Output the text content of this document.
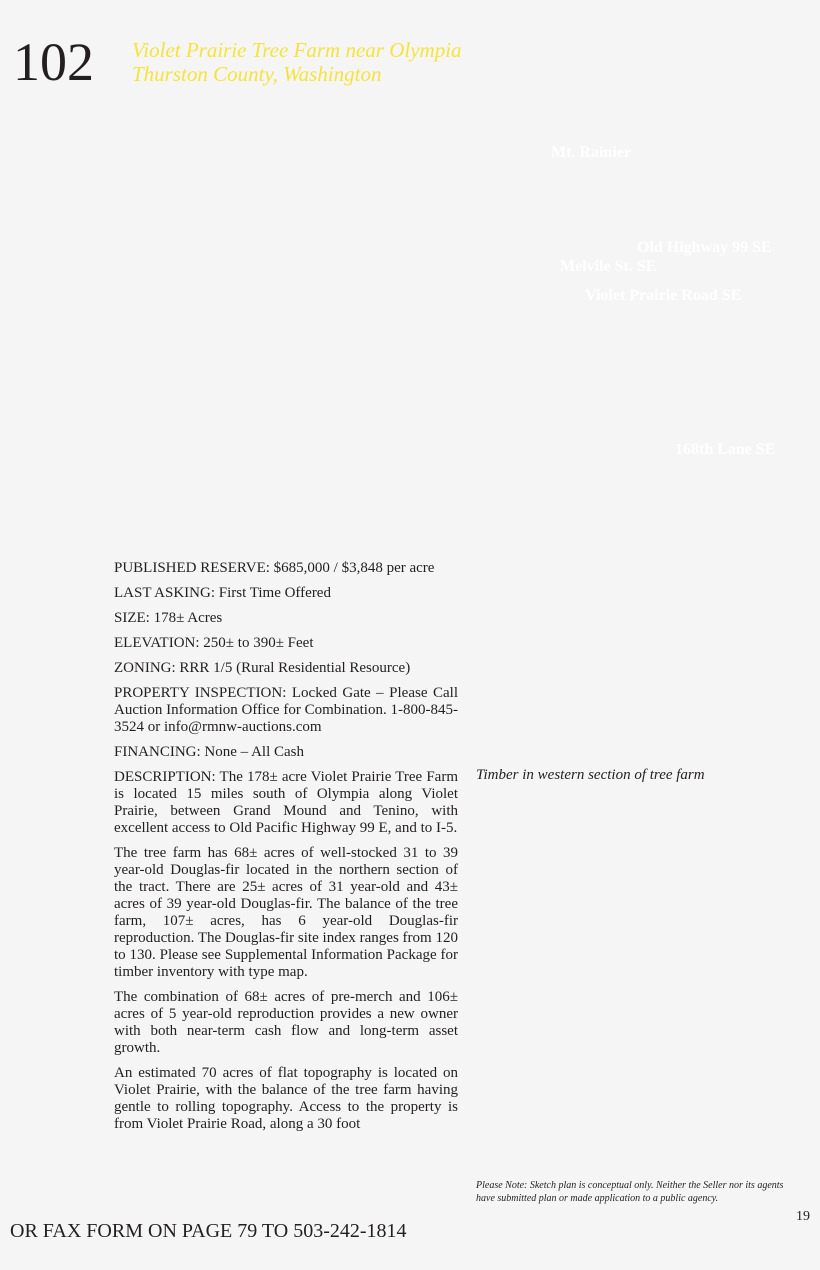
102 Violet Prairie Tree Farm near Olympia
Thurston County, Washington
Mt. Rainier
Old Highway 99 SE
Melvile St. SE
Violet Prairie Road SE
168th Lane SE

PUBLISHED RESERVE: $685,000 / $3,848 per acre

LAST ASKING: First Time Offered

SIZE: 178± Acres

ELEVATION: 250± to 390± Feet

ZONING: RRR 1/5 (Rural Residential Resource)

PROPERTY INSPECTION: Locked Gate – Please Call Auction Information Office for Combination. 1-800-845-3524 or info@rmnw-auctions.com

FINANCING: None – All Cash

DESCRIPTION: The 178± acre Violet Prairie Tree Farm is located 15 miles south of Olympia along Violet Prairie, between Grand Mound and Tenino, with excellent access to Old Pacific Highway 99 E, and to I-5.

The tree farm has 68± acres of well-stocked 31 to 39 year-old Douglas-fir located in the northern section of the tract. There are 25± acres of 31 year-old and 43± acres of 39 year-old Douglas-fir. The balance of the tree farm, 107± acres, has 6 year-old Douglas-fir reproduction. The Douglas-fir site index ranges from 120 to 130. Please see Supplemental Information Package for timber inventory with type map.

The combination of 68± acres of pre-merch and 106± acres of 5 year-old reproduction provides a new owner with both near-term cash flow and long-term asset growth.

An estimated 70 acres of flat topography is located on Violet Prairie, with the balance of the tree farm having gentle to rolling topography. Access to the property is from Violet Prairie Road, along a 30 foot

Timber in western section of tree farm
Please Note: Sketch plan is conceptual only. Neither the Seller nor its agents have submitted plan or made application to a public agency.
19
OR FAX FORM ON PAGE 79 TO 503-242-1814
